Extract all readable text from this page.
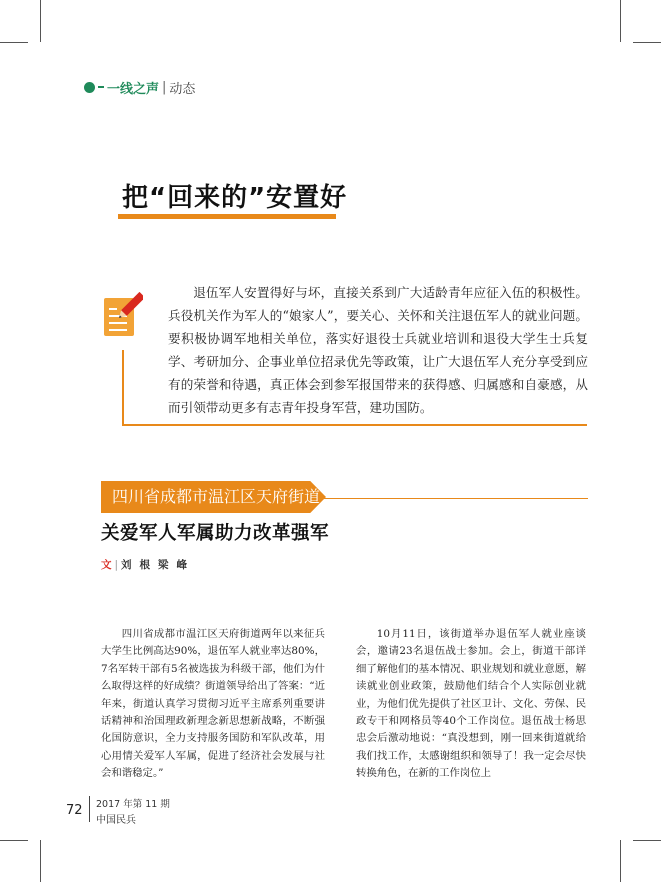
一线之声 | 动态
把“回来的”安置好
退伍军人安置得好与坏，直接关系到广大适龄青年应征入伍的积极性。兵役机关作为军人的“娘家人”，要关心、关怀和关注退伍军人的就业问题。要积极协调军地相关单位，落实好退役士兵就业培训和退役大学生士兵复学、考研加分、企事业单位招录优先等政策，让广大退伍军人充分享受到应有的荣誉和待遇，真正体会到参军报国带来的获得感、归属感和自豪感，从而引领带动更多有志青年投身军营，建功国防。
四川省成都市温江区天府街道
关爱军人军属助力改革强军
文 | 刘根梁峰

四川省成都市温江区天府街道两年以来征兵大学生比例高达90%，退伍军人就业率达80%，7名军转干部有5名被选拔为科级干部，他们为什么取得这样的好成绩？街道领导给出了答案：“近年来，街道认真学习贯彻习近平主席系列重要讲话精神和治国理政新理念新思想新战略，不断强化国防意识，全力支持服务国防和军队改革，用心用情关爱军人军属，促进了经济社会发展与社会和谐稳定。”

10月11日，该街道举办退伍军人就业座谈会，邀请23名退伍战士参加。会上，街道干部详细了解他们的基本情况、职业规划和就业意愿，解读就业创业政策，鼓励他们结合个人实际创业就业，为他们优先提供了社区卫计、文化、劳保、民政专干和网格员等40个工作岗位。退伍战士杨思忠会后激动地说：“真没想到，刚一回来街道就给我们找工作，太感谢组织和领导了！我一定会尽快转换角色，在新的工作岗位上

72 2017 年第 11 期
中国民兵
